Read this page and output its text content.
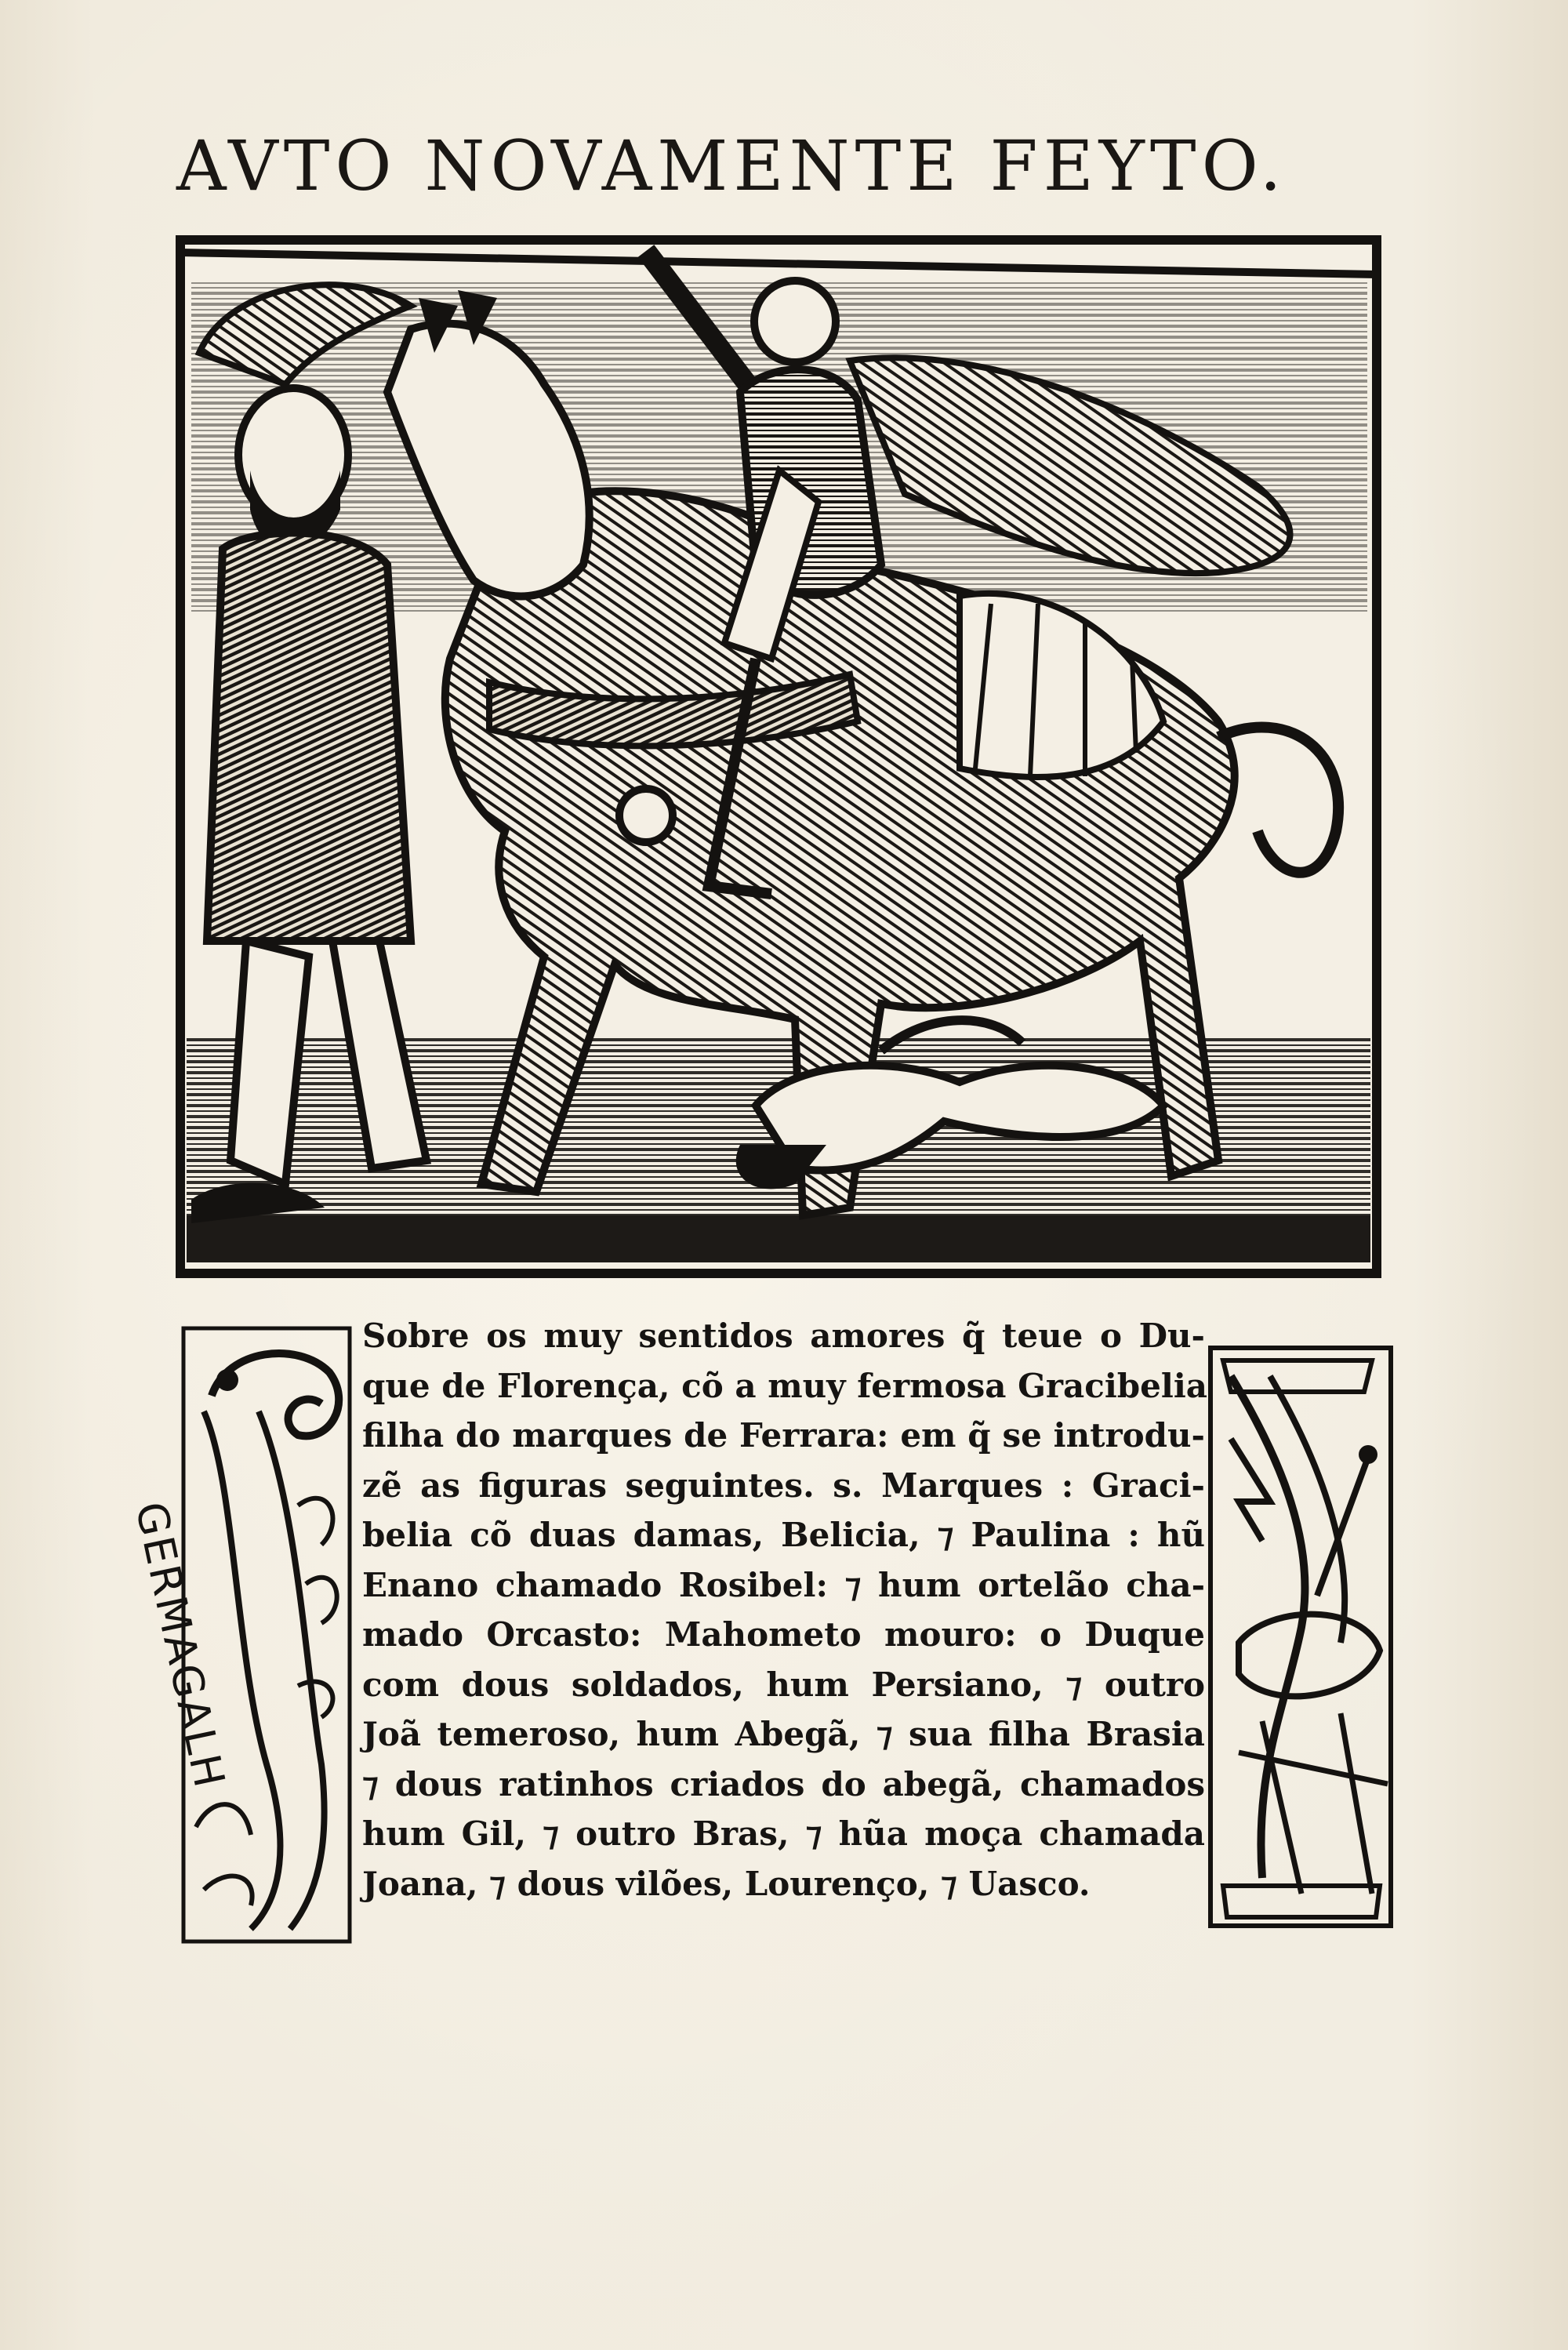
AVTO NOVAMENTE FEYTO.
GERMAGALH
Sobre os muy sentidos amores q̃ teue o Du-
que de Florença, cõ a muy fermosa Gracibelia
filha do marques de Ferrara: em q̃ se introdu-
zẽ as figuras seguintes. s. Marques : Graci-
belia cõ duas damas, Belicia, ⁊ Paulina : hũ
Enano chamado Rosibel: ⁊ hum ortelão cha-
mado Orcasto: Mahometo mouro: o Duque
com dous soldados, hum Persiano, ⁊ outro
Joã temeroso, hum Abegã, ⁊ sua filha Brasia
⁊ dous ratinhos criados do abegã, chamados
hum Gil, ⁊ outro Bras, ⁊ hũa moça chamada
Joana, ⁊ dous vilões, Lourenço, ⁊ Uasco.
